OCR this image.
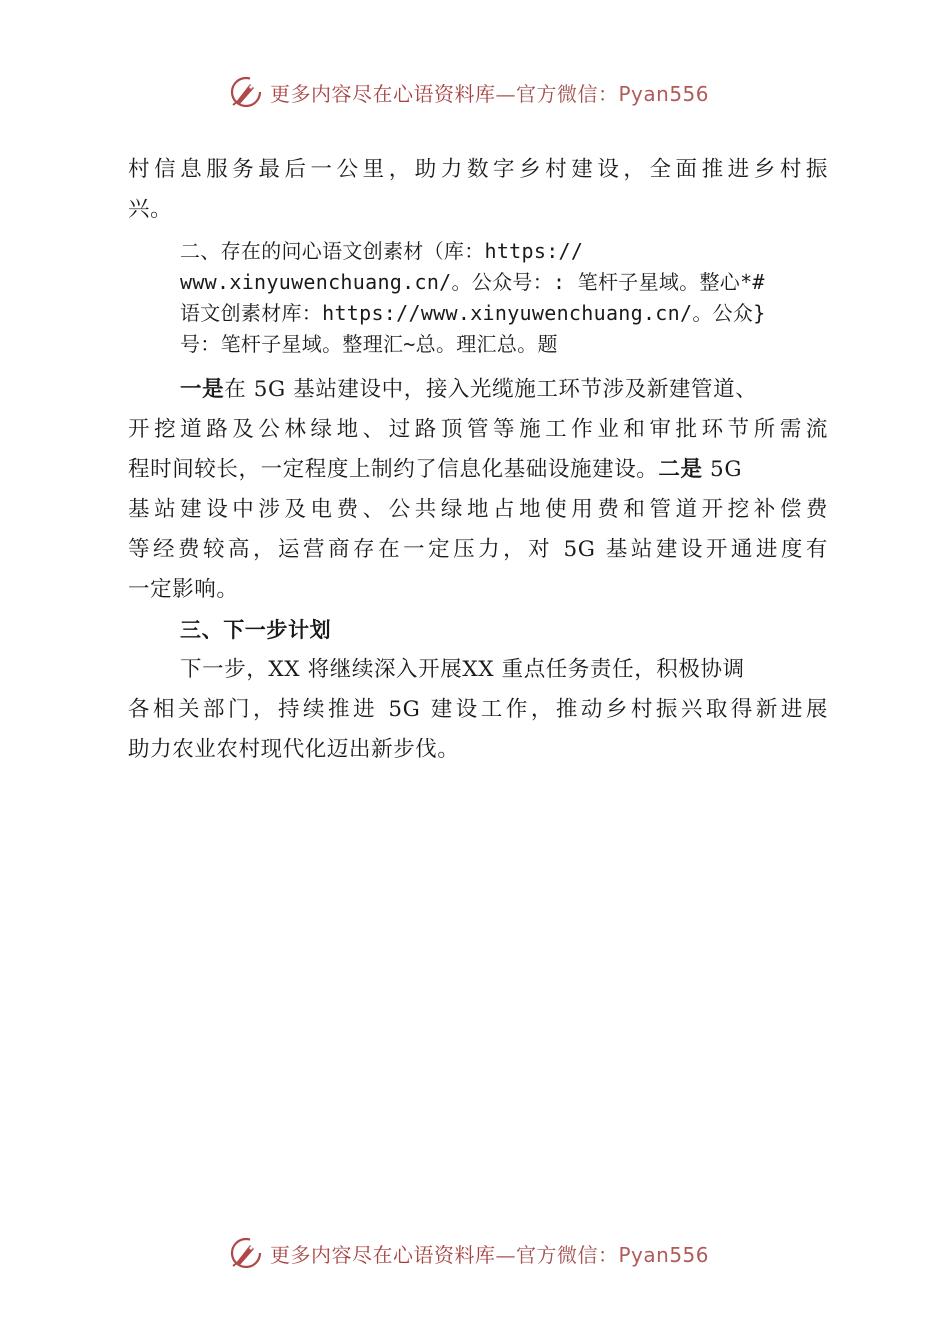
更多内容尽在心语资料库—官方微信：Pyan556
村信息服务最后一公里，助力数字乡村建设，全面推进乡村振
兴。
二、存在的问心语文创素材（库：https://
www.xinyuwenchuang.cn/。公众号：: 笔杆子星域。整心*#
语文创素材库：https://www.xinyuwenchuang.cn/。公众}
号：笔杆子星域。整理汇~总。理汇总。题
一是在 5G 基站建设中，接入光缆施工环节涉及新建管道、
开挖道路及公林绿地、过路顶管等施工作业和审批环节所需流
程时间较长，一定程度上制约了信息化基础设施建设。二是 5G
基站建设中涉及电费、公共绿地占地使用费和管道开挖补偿费
等经费较高，运营商存在一定压力，对 5G 基站建设开通进度有
一定影响。
三、下一步计划
下一步，XX 将继续深入开展XX 重点任务责任，积极协调
各相关部门，持续推进 5G 建设工作，推动乡村振兴取得新进展
助力农业农村现代化迈出新步伐。
更多内容尽在心语资料库—官方微信：Pyan556
